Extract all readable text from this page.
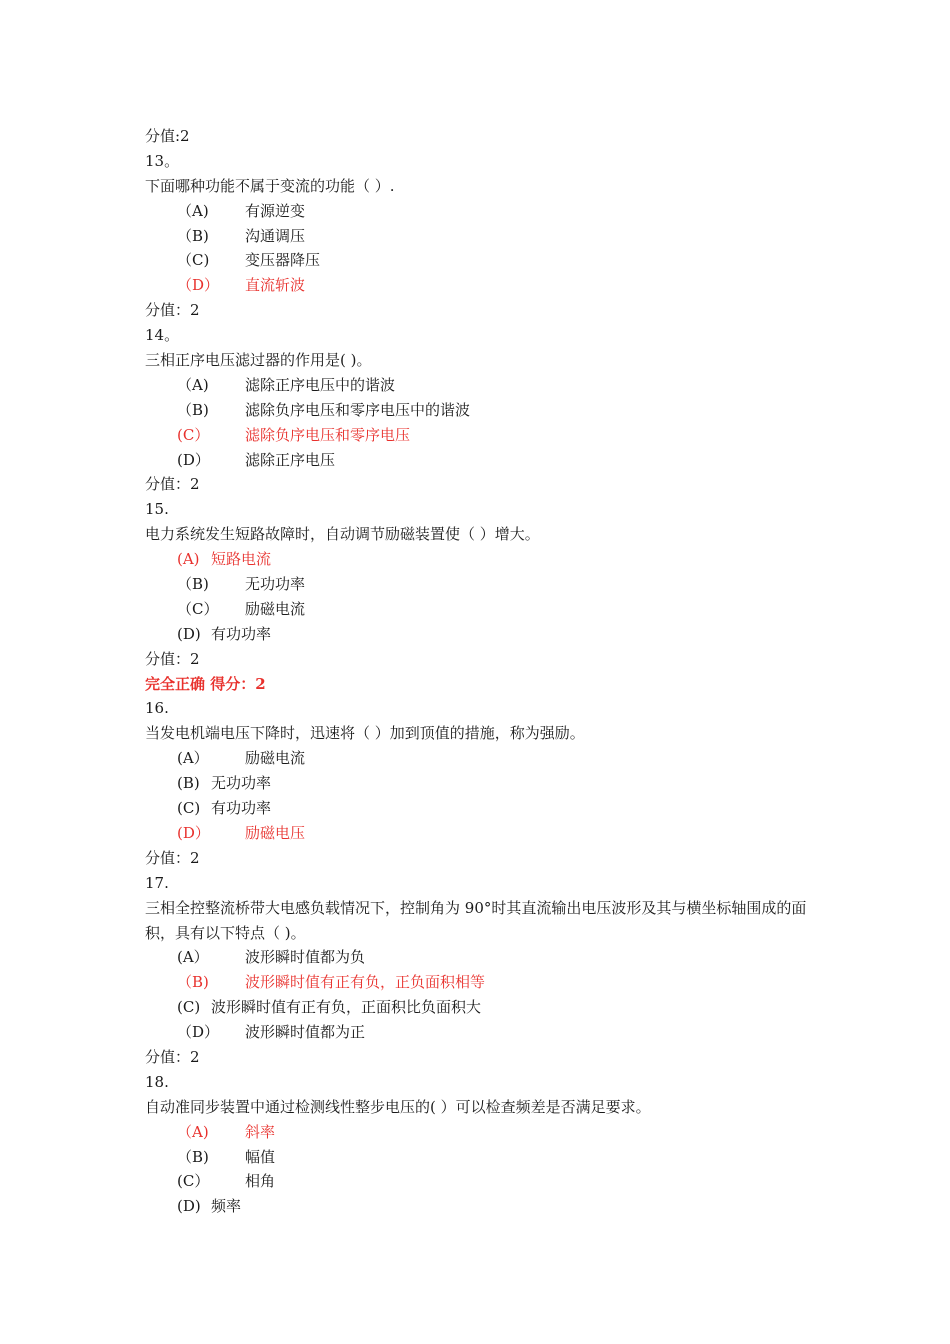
分值:2
13。
下面哪种功能不属于变流的功能（ ）.
（A)	有源逆变
（B)	沟通调压
（C)	变压器降压
（D）	直流斩波
分值：2
14。
三相正序电压滤过器的作用是( )。
（A)	滤除正序电压中的谐波
（B)	滤除负序电压和零序电压中的谐波
(C）	滤除负序电压和零序电压
(D）	滤除正序电压
分值：2
15.
电力系统发生短路故障时，自动调节励磁装置使（ ）增大。
(A) 短路电流
（B)	无功功率
（C）	励磁电流
(D) 有功功率
分值：2
完全正确 得分：2
16.
当发电机端电压下降时，迅速将（ ）加到顶值的措施，称为强励。
(A）	励磁电流
(B) 无功功率
(C) 有功功率
(D）	励磁电压
分值：2
17.
三相全控整流桥带大电感负载情况下，控制角为 90°时其直流输出电压波形及其与横坐标轴围成的面积，具有以下特点（ )。
(A）	波形瞬时值都为负
（B)	波形瞬时值有正有负，正负面积相等
(C) 波形瞬时值有正有负，正面积比负面积大
（D）	波形瞬时值都为正
分值：2
18.
自动准同步装置中通过检测线性整步电压的( ）可以检查频差是否满足要求。
（A)	斜率
（B)	幅值
(C）	相角
(D) 频率
